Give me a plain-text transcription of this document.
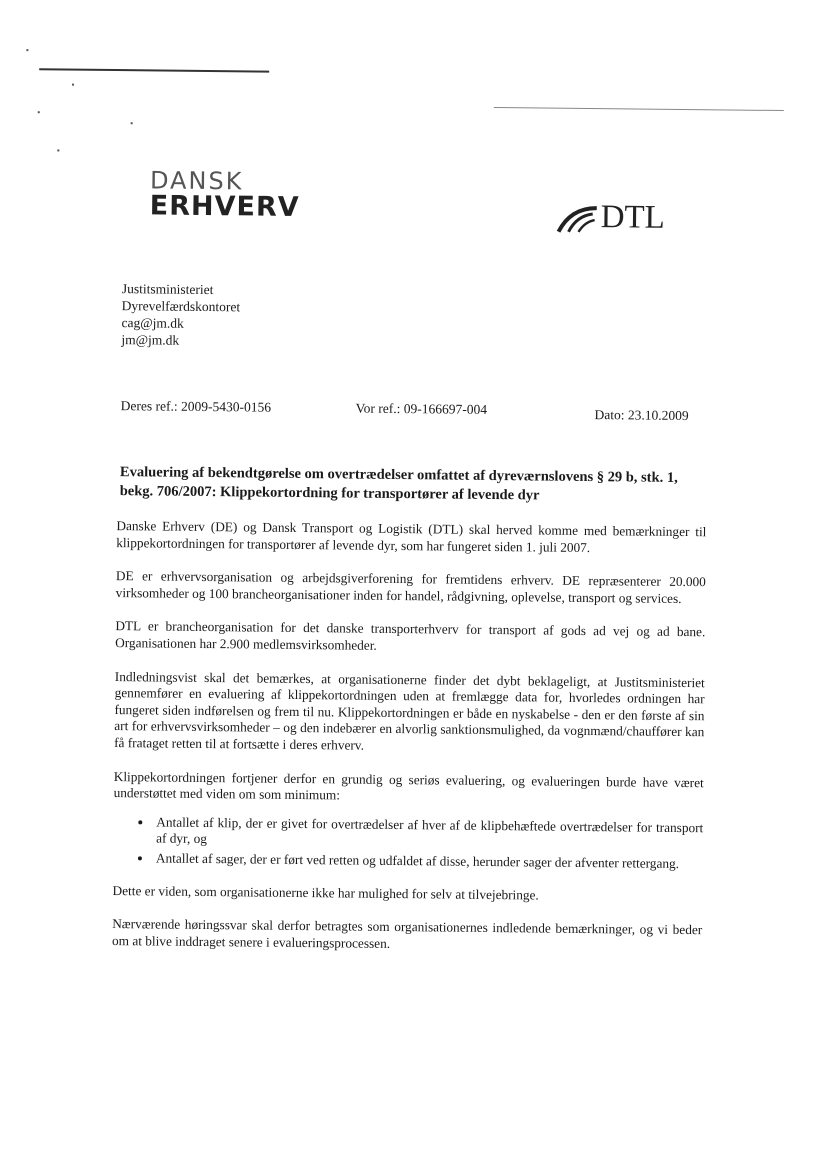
DANSK
ERHVERV	DTL
Justitsministeriet
Dyrevelfærdskontoret
cag@jm.dk
jm@jm.dk
Deres ref.: 2009-5430-0156	Vor ref.: 09-166697-004	Dato: 23.10.2009
Evaluering af bekendtgørelse om overtrædelser omfattet af dyreværnslovens § 29 b, stk. 1, bekg. 706/2007: Klippekortordning for transportører af levende dyr

Danske Erhverv (DE) og Dansk Transport og Logistik (DTL) skal herved komme med bemærkninger til klippekortordningen for transportører af levende dyr, som har fungeret siden 1. juli 2007.

DE er erhvervsorganisation og arbejdsgiverforening for fremtidens erhverv. DE repræsenterer 20.000 virksomheder og 100 brancheorganisationer inden for handel, rådgivning, oplevelse, transport og services.

DTL er brancheorganisation for det danske transporterhverv for transport af gods ad vej og ad bane. Organisationen har 2.900 medlemsvirksomheder.

Indledningsvist skal det bemærkes, at organisationerne finder det dybt beklageligt, at Justitsministeriet gennemfører en evaluering af klippekortordningen uden at fremlægge data for, hvorledes ordningen har fungeret siden indførelsen og frem til nu. Klippekortordningen er både en nyskabelse - den er den første af sin art for erhvervsvirksomheder – og den indebærer en alvorlig sanktionsmulighed, da vognmænd/chauffører kan få frataget retten til at fortsætte i deres erhverv.

Klippekortordningen fortjener derfor en grundig og seriøs evaluering, og evalueringen burde have været understøttet med viden om som minimum:

• Antallet af klip, der er givet for overtrædelser af hver af de klipbehæftede overtrædelser for transport af dyr, og
• Antallet af sager, der er ført ved retten og udfaldet af disse, herunder sager der afventer rettergang.

Dette er viden, som organisationerne ikke har mulighed for selv at tilvejebringe.

Nærværende høringssvar skal derfor betragtes som organisationernes indledende bemærkninger, og vi beder om at blive inddraget senere i evalueringsprocessen.
